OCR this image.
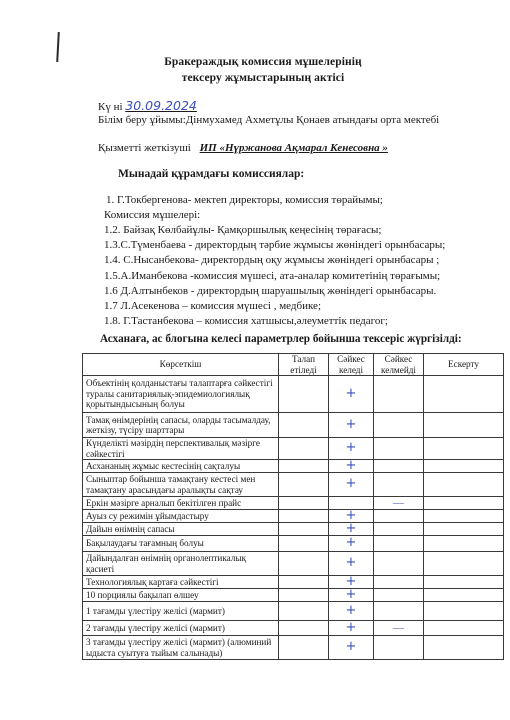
Бракераждық комиссия мұшелерінің
тексеру жұмыстарының актісі
Кү ні 30.09.2024
Білім беру ұйымы:Дінмухамед Ахметұлы Қонаев атындағы орта мектебі
Қызметті жеткізуші ИП «Нүржанова Ақмарал Кенесовна »
Мынадай құрамдағы комиссиялар:
1. Г.Токбергенова- мектеп директоры, комиссия төрайымы;
Комиссия мұшелері:
1.2. Байзақ Көлбайұлы- Қамқоршылық кеңесінің төрағасы;
1.3.С.Түменбаева - директордың тәрбие жұмысы жөніндегі орынбасары;
1.4. С.Нысанбекова- директордың оқу жұмысы жөніндегі орынбасары ;
1.5.А.Иманбекова -комиссия мүшесі, ата-аналар комитетінің төрағымы;
1.6 Д.Алтынбеков - директордың шаруашылық жөніндегі орынбасары.
1.7 Л.Асекенова – комиссия мүшесі , медбике;
1.8. Г.Тастанбекова – комиссия хатшысы,әлеуметтік педагог;
Асханаға, ас блогына келесі параметрлер бойынша тексеріс жүргізілді:
Көрсеткіш	Талап етіледі	Сәйкес келеді	Сәйкес келмейді	Ескерту
Объектінің қолданыстағы талаптарға сәйкестігі туралы санитариялық-эпидемиологиялық қорытындысының болуы		+		
Тамақ өнімдерінің сапасы, оларды тасымалдау, жеткізу, түсіру шарттары		+		
Күнделікті мәзірдің перспективалық мәзірге сәйкестігі		+		
Асхананың жұмыс кестесінің сақталуы		+		
Сыныптар бойынша тамақтану кестесі мен тамақтану арасындағы аралықты сақтау		+		
Еркін мәзірге арналып бекітілген прайс			—	
Ауыз су режимін ұйымдастыру		+		
Дайын өнімнің сапасы		+		
Бақылаудағы тағамның болуы		+		
Дайындалған өнімнің органолептикалық қасиеті		+		
Технологиялық картаға сәйкестігі		+		
10 порциялы бақылап өлшеу		+		
1 тағамды үлестіру желісі (мармит)		+		
2 тағамды үлестіру желісі (мармит)		+	—	
3 тағамды үлестіру желісі (мармит) (алюминий ыдыста суытуға тыйым салынады)		+		
